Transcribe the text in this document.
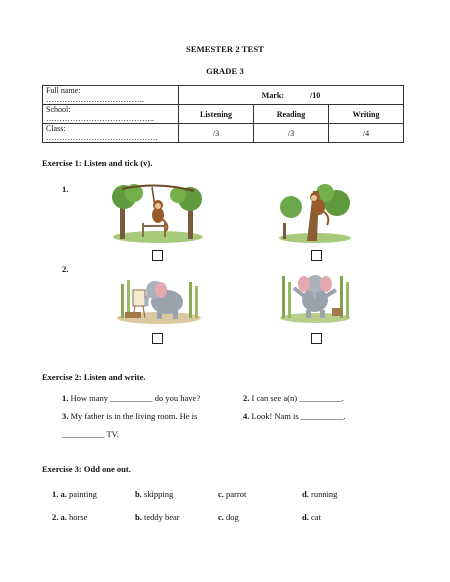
SEMESTER 2 TEST
GRADE 3
Full name: ……………………………….	Mark: /10		
School: …………………………………..	Listening	Reading	Writing
Class: ……………………………………	/3	/3	/4
Exercise 1: Listen and tick (v).
1.
2.
Exercise 2: Listen and write.
1. How many __________ do you have?	2. I can see a(n) __________.
3. My father is in the living room. He is
__________ TV.
4. Look! Nam is __________.
Exercise 3: Odd one out.
1. a. painting	b. skipping	c. parrot	d. running
2. a. horse	b. teddy bear	c. dog	d. cat
